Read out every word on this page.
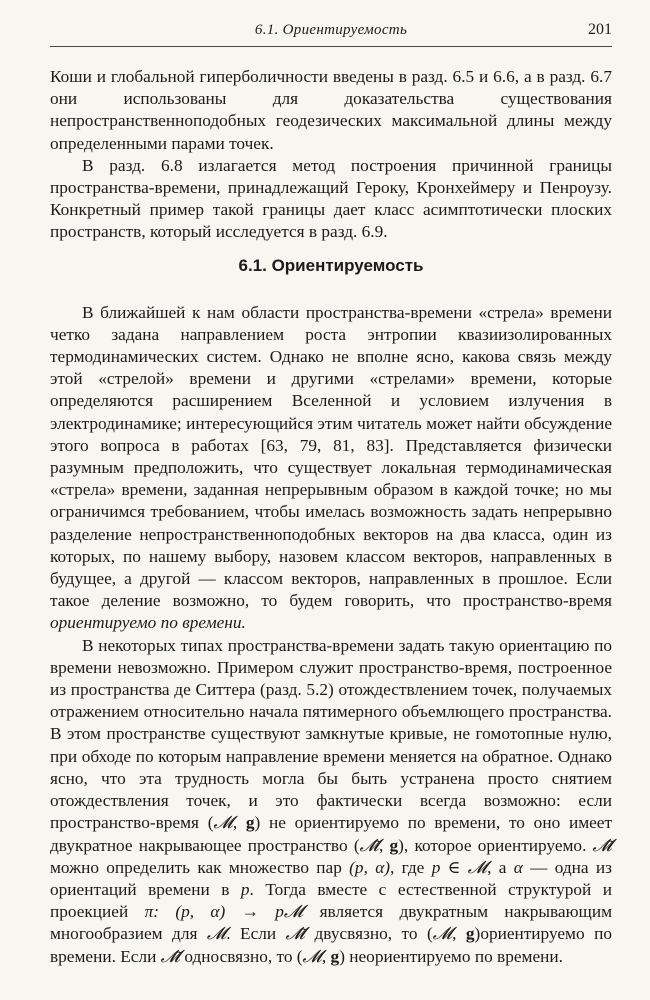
6.1. Ориентируемость	201

Коши и глобальной гиперболичности введены в разд. 6.5 и 6.6, а в разд. 6.7 они использованы для доказательства существования непространственноподобных геодезических максимальной длины между определенными парами точек.

В разд. 6.8 излагается метод построения причинной границы пространства-времени, принадлежащий Героку, Кронхеймеру и Пенроузу. Конкретный пример такой границы дает класс асимптотически плоских пространств, который исследуется в разд. 6.9.

6.1. Ориентируемость

В ближайшей к нам области пространства-времени «стрела» времени четко задана направлением роста энтропии квазиизолированных термодинамических систем. Однако не вполне ясно, какова связь между этой «стрелой» времени и другими «стрелами» времени, которые определяются расширением Вселенной и условием излучения в электродинамике; интересующийся этим читатель может найти обсуждение этого вопроса в работах [63, 79, 81, 83]. Представляется физически разумным предположить, что существует локальная термодинамическая «стрела» времени, заданная непрерывным образом в каждой точке; но мы ограничимся требованием, чтобы имелась возможность задать непрерывно разделение непространственноподобных векторов на два класса, один из которых, по нашему выбору, назовем классом векторов, направленных в будущее, а другой — классом векторов, направленных в прошлое. Если такое деление возможно, то будем говорить, что пространство-время ориентируемо по времени.

В некоторых типах пространства-времени задать такую ориентацию по времени невозможно. Примером служит пространство-время, построенное из пространства де Ситтера (разд. 5.2) отождествлением точек, получаемых отражением относительно начала пятимерного объемлющего пространства. В этом пространстве существуют замкнутые кривые, не гомотопные нулю, при обходе по которым направление времени меняется на обратное. Однако ясно, что эта трудность могла бы быть устранена просто снятием отождествления точек, и это фактически всегда возможно: если пространство-время (𝓜, g) не ориентируемо по времени, то оно имеет двукратное накрывающее пространство (𝓜̃, g), которое ориентируемо. 𝓜̃ можно определить как множество пар (p, α), где p ∈ 𝓜, а α — одна из ориентаций времени в p. Тогда вместе с естественной структурой и проекцией π: (p, α) → p𝓜 является двукратным накрывающим многообразием для 𝓜. Если 𝓜̃ двусвязно, то (𝓜, g)ориентируемо по времени. Если 𝓜̃ односвязно, то (𝓜, g) неориентируемо по времени.
